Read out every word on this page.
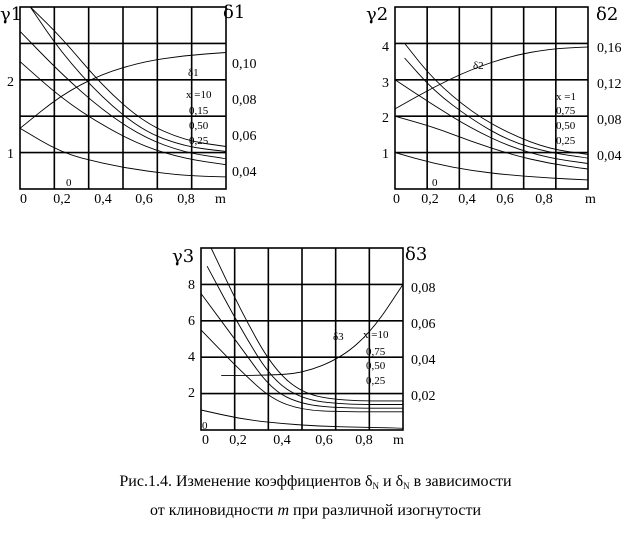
0 0,2 0,4 0,6 0,8 m
1
2
0,04
0,06
0,08
0,10
γ1	δ1
δ1
x =10
0,15
0,50
0,25
0
0 0,2 0,4 0,6 0,8 m
1
2
3
4
0,04
0,08
0,12
0,16
γ2	δ2
δ2
x =1
0,75
0,50
0,25
0
0 0,2 0,4 0,6 0,8 m
2
4
6
8
0,02
0,04
0,06
0,08
γ3	δ3
δ3 x =10
0,75
0,50
0,25
0
Рис.1.4. Изменение коэффициентов $\delta_N$ и $\delta_N$ в зависимости
от клиновидности m при различной изогнутости
